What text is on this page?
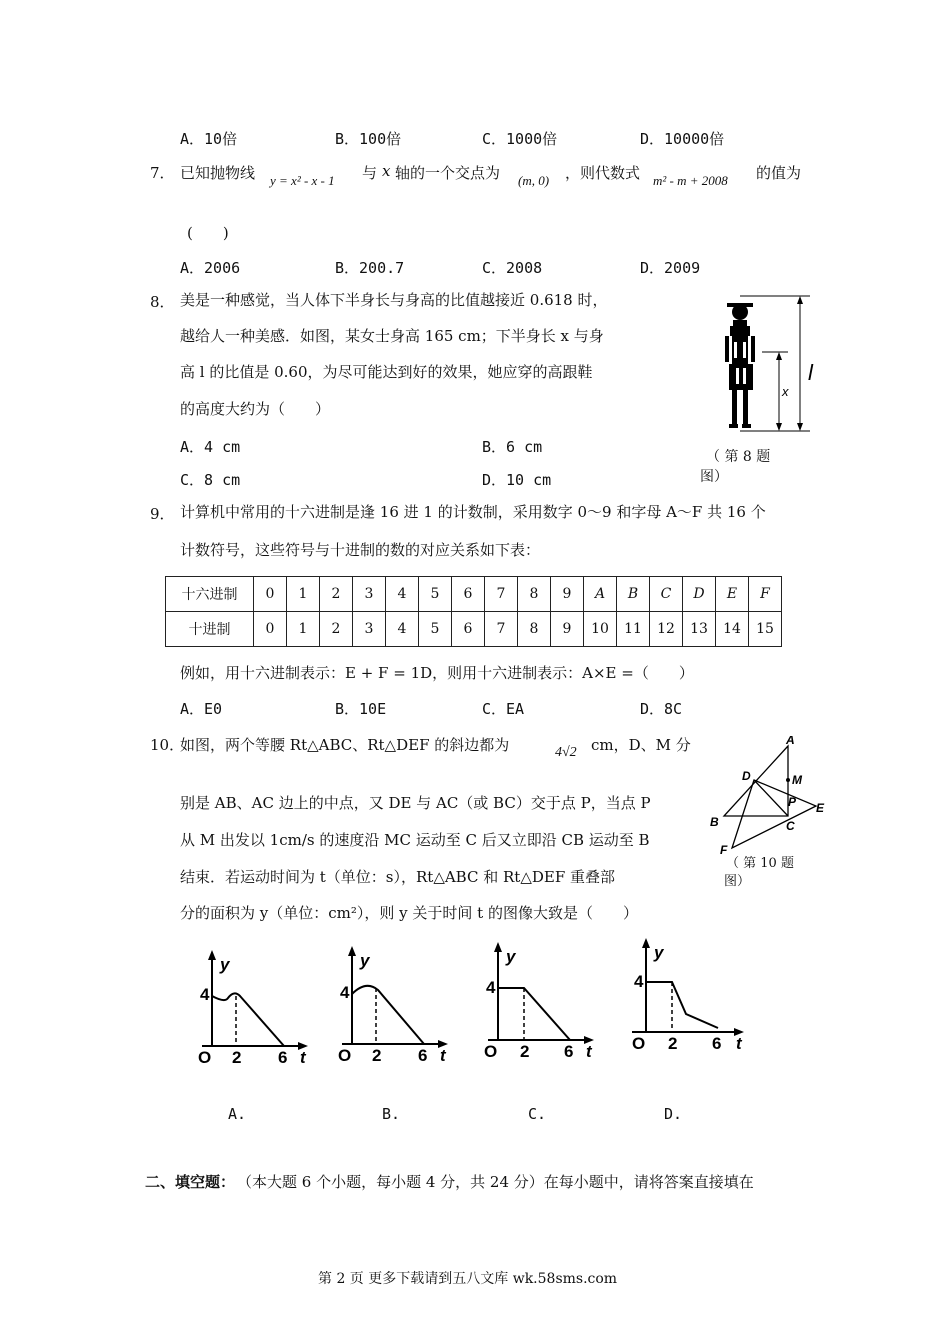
A．10倍	B．100倍	C．1000倍	D．10000倍
7． 已知抛物线 y = x² - x - 1 与 x 轴的一个交点为 (m, 0) ，则代数式 m² - m + 2008 的值为
(　　)
A．2006	B．200.7	C．2008	D．2009
8． 美是一种感觉，当人体下半身长与身高的比值越接近 0.618 时，
越给人一种美感．如图，某女士身高 165 cm；下半身长 x 与身
高 l 的比值是 0.60，为尽可能达到好的效果，她应穿的高跟鞋
的高度大约为（　　）
A．4 cm	B．6 cm
C．8 cm	D．10 cm
x
l
（ 第 8 题
图）
9． 计算机中常用的十六进制是逢 16 进 1 的计数制，采用数字 0～9 和字母 A～F 共 16 个
计数符号，这些符号与十进制的数的对应关系如下表：
十六进制	0	1	2	3	4	5	6	7	8	9	A	B	C	D	E	F
十进制	0	1	2	3	4	5	6	7	8	9	10	11	12	13	14	15
例如，用十六进制表示：E + F = 1D，则用十六进制表示：A×E =（　　）
A．E0	B．10E	C．EA	D．8C
10．
如图，两个等腰 Rt△ABC、Rt△DEF 的斜边都为	4√2 cm，D、M 分
别是 AB、AC 边上的中点，又 DE 与 AC（或 BC）交于点 P，当点 P
从 M 出发以 1cm/s 的速度沿 MC 运动至 C 后又立即沿 CB 运动至 B
结束．若运动时间为 t（单位：s），Rt△ABC 和 Rt△DEF 重叠部
分的面积为 y（单位：cm²），则 y 关于时间 t 的图像大致是（　　）
A
M
D
P E
B	C
F
（ 第 10 题
图）
y
4
O 2 6 t
y
4
O 2 6 t
y
4
O 2 6 t
y
4
O 2 6 t
A.	B.	C.	D.
二、填空题： （本大题 6 个小题，每小题 4 分，共 24 分）在每小题中，请将答案直接填在
第 2 页 更多下载请到五八文库 wk.58sms.com
